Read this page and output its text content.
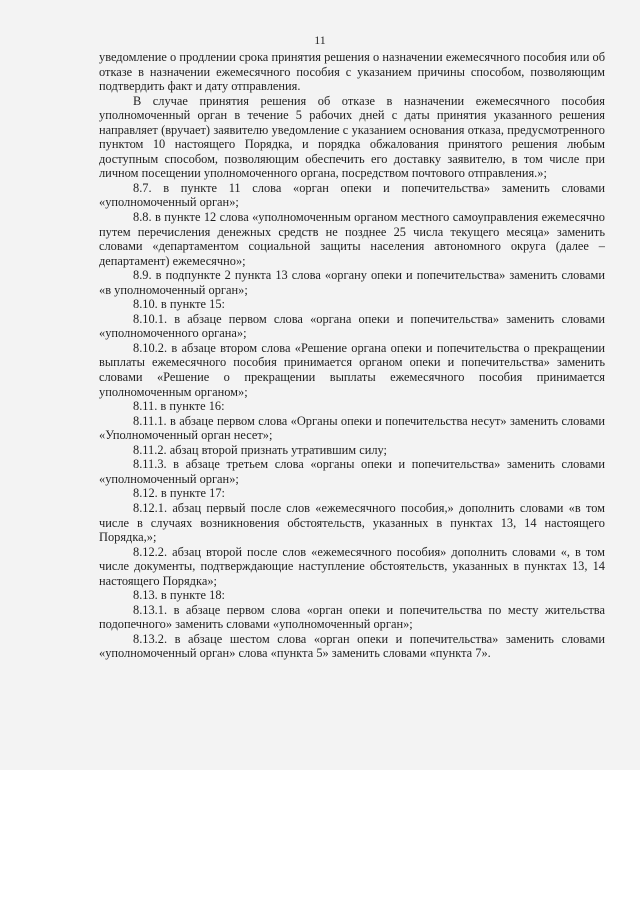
11

уведомление о продлении срока принятия решения о назначении ежемесячного пособия или об отказе в назначении ежемесячного пособия с указанием причины способом, позволяющим подтвердить факт и дату отправления.

В случае принятия решения об отказе в назначении ежемесячного пособия уполномоченный орган в течение 5 рабочих дней с даты принятия указанного решения направляет (вручает) заявителю уведомление с указанием основания отказа, предусмотренного пунктом 10 настоящего Порядка, и порядка обжалования принятого решения любым доступным способом, позволяющим обеспечить его доставку заявителю, в том числе при личном посещении уполномоченного органа, посредством почтового отправления.»;

8.7. в пункте 11 слова «орган опеки и попечительства» заменить словами «уполномоченный орган»;

8.8. в пункте 12 слова «уполномоченным органом местного самоуправления ежемесячно путем перечисления денежных средств не позднее 25 числа текущего месяца» заменить словами «департаментом социальной защиты населения автономного округа (далее – департамент) ежемесячно»;

8.9. в подпункте 2 пункта 13 слова «органу опеки и попечительства» заменить словами «в уполномоченный орган»;

8.10. в пункте 15:

8.10.1. в абзаце первом слова «органа опеки и попечительства» заменить словами «уполномоченного органа»;

8.10.2. в абзаце втором слова «Решение органа опеки и попечительства о прекращении выплаты ежемесячного пособия принимается органом опеки и попечительства» заменить словами «Решение о прекращении выплаты ежемесячного пособия принимается уполномоченным органом»;

8.11. в пункте 16:

8.11.1. в абзаце первом слова «Органы опеки и попечительства несут» заменить словами «Уполномоченный орган несет»;

8.11.2. абзац второй признать утратившим силу;

8.11.3. в абзаце третьем слова «органы опеки и попечительства» заменить словами «уполномоченный орган»;

8.12. в пункте 17:

8.12.1. абзац первый после слов «ежемесячного пособия,» дополнить словами «в том числе в случаях возникновения обстоятельств, указанных в пунктах 13, 14 настоящего Порядка,»;

8.12.2. абзац второй после слов «ежемесячного пособия» дополнить словами «, в том числе документы, подтверждающие наступление обстоятельств, указанных в пунктах 13, 14 настоящего Порядка»;

8.13. в пункте 18:

8.13.1. в абзаце первом слова «орган опеки и попечительства по месту жительства подопечного» заменить словами «уполномоченный орган»;

8.13.2. в абзаце шестом слова «орган опеки и попечительства» заменить словами «уполномоченный орган» слова «пункта 5» заменить словами «пункта 7».
